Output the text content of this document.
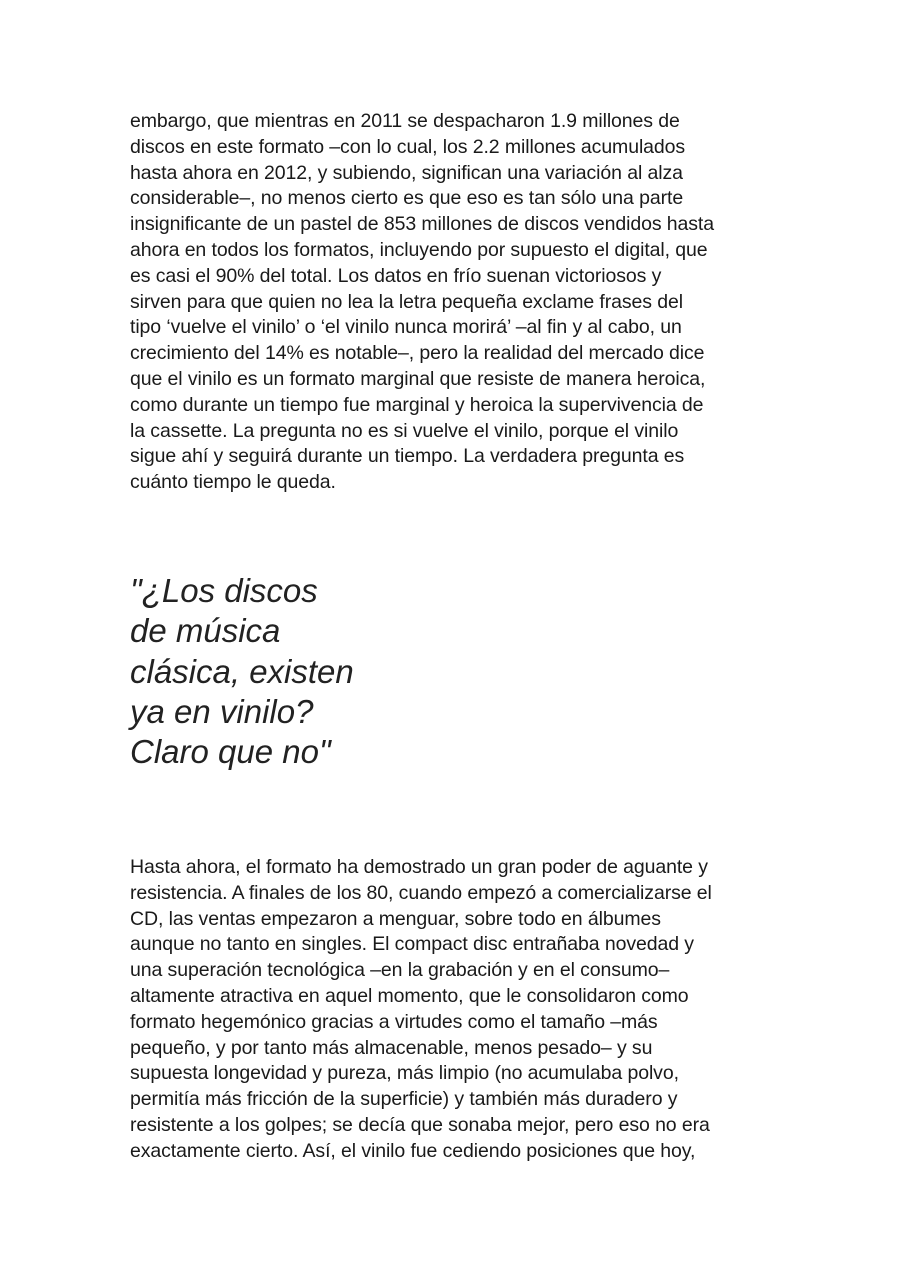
embargo, que mientras en 2011 se despacharon 1.9 millones de
discos en este formato –con lo cual, los 2.2 millones acumulados
hasta ahora en 2012, y subiendo, significan una variación al alza
considerable–, no menos cierto es que eso es tan sólo una parte
insignificante de un pastel de 853 millones de discos vendidos hasta
ahora en todos los formatos, incluyendo por supuesto el digital, que
es casi el 90% del total. Los datos en frío suenan victoriosos y
sirven para que quien no lea la letra pequeña exclame frases del
tipo ‘vuelve el vinilo’ o ‘el vinilo nunca morirá’ –al fin y al cabo, un
crecimiento del 14% es notable–, pero la realidad del mercado dice
que el vinilo es un formato marginal que resiste de manera heroica,
como durante un tiempo fue marginal y heroica la supervivencia de
la cassette. La pregunta no es si vuelve el vinilo, porque el vinilo
sigue ahí y seguirá durante un tiempo. La verdadera pregunta es
cuánto tiempo le queda.

"¿Los discos
de música
clásica, existen
ya en vinilo?
Claro que no"

Hasta ahora, el formato ha demostrado un gran poder de aguante y
resistencia. A finales de los 80, cuando empezó a comercializarse el
CD, las ventas empezaron a menguar, sobre todo en álbumes
aunque no tanto en singles. El compact disc entrañaba novedad y
una superación tecnológica –en la grabación y en el consumo–
altamente atractiva en aquel momento, que le consolidaron como
formato hegemónico gracias a virtudes como el tamaño –más
pequeño, y por tanto más almacenable, menos pesado– y su
supuesta longevidad y pureza, más limpio (no acumulaba polvo,
permitía más fricción de la superficie) y también más duradero y
resistente a los golpes; se decía que sonaba mejor, pero eso no era
exactamente cierto. Así, el vinilo fue cediendo posiciones que hoy,
